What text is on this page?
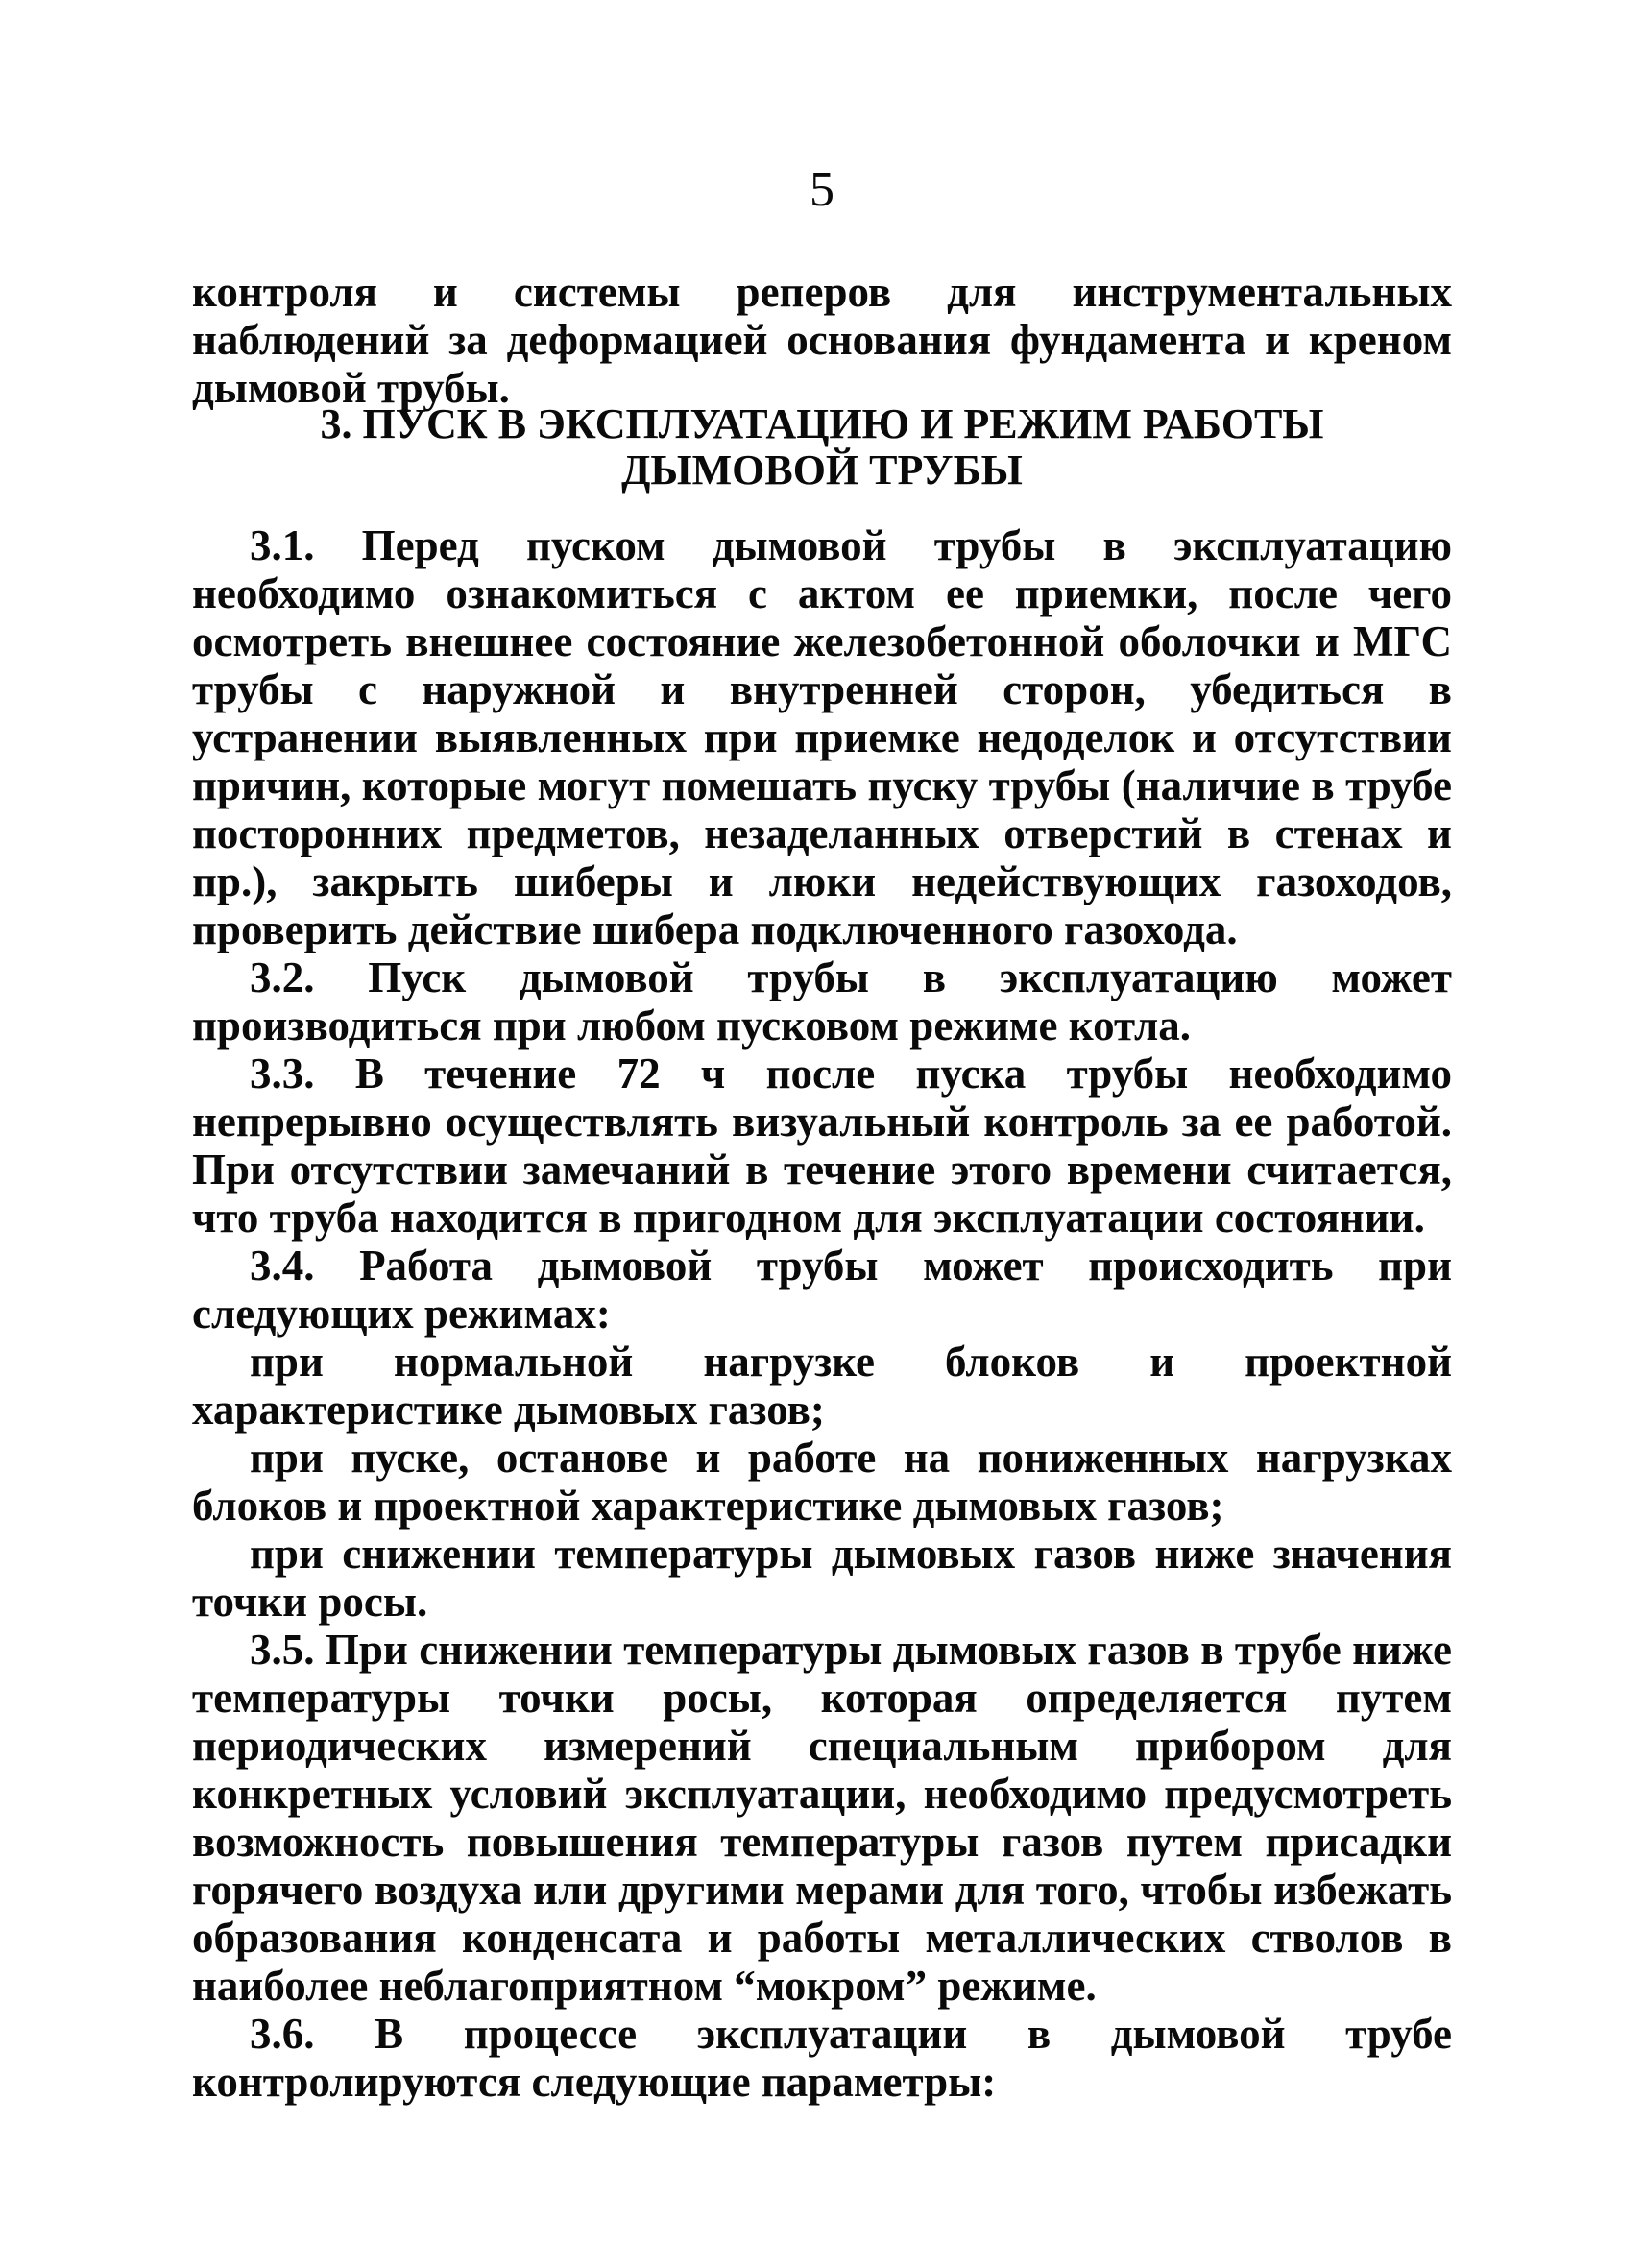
5

контроля и системы реперов для инструментальных наблюдений за деформацией основания фундамента и креном дымовой трубы.

3. ПУСК В ЭКСПЛУАТАЦИЮ И РЕЖИМ РАБОТЫ
ДЫМОВОЙ ТРУБЫ

3.1. Перед пуском дымовой трубы в эксплуатацию необходимо ознакомиться с актом ее приемки, после чего осмотреть внешнее состояние железобетонной оболочки и МГС трубы с наружной и внутренней сторон, убедиться в устранении выявленных при приемке недоделок и отсутствии причин, которые могут помешать пуску трубы (наличие в трубе посторонних предметов, незаделанных отверстий в стенах и пр.), закрыть шиберы и люки недействующих газоходов, проверить действие шибера подключенного газохода.

3.2. Пуск дымовой трубы в эксплуатацию может производиться при любом пусковом режиме котла.

3.3. В течение 72 ч после пуска трубы необходимо непрерывно осуществлять визуальный контроль за ее работой. При отсутствии замечаний в течение этого времени считается, что труба находится в пригодном для эксплуатации состоянии.

3.4. Работа дымовой трубы может происходить при следующих режимах:

при нормальной нагрузке блоков и проектной характеристике дымовых газов;

при пуске, останове и работе на пониженных нагрузках блоков и проектной характеристике дымовых газов;

при снижении температуры дымовых газов ниже значения точки росы.

3.5. При снижении температуры дымовых газов в трубе ниже температуры точки росы, которая определяется путем периодических измерений специальным прибором для конкретных условий эксплуатации, необходимо предусмотреть возможность повышения температуры газов путем присадки горячего воздуха или другими мерами для того, чтобы избежать образования конденсата и работы металлических стволов в наиболее неблагоприятном “мокром” режиме.

3.6. В процессе эксплуатации в дымовой трубе контролируются следующие параметры:
